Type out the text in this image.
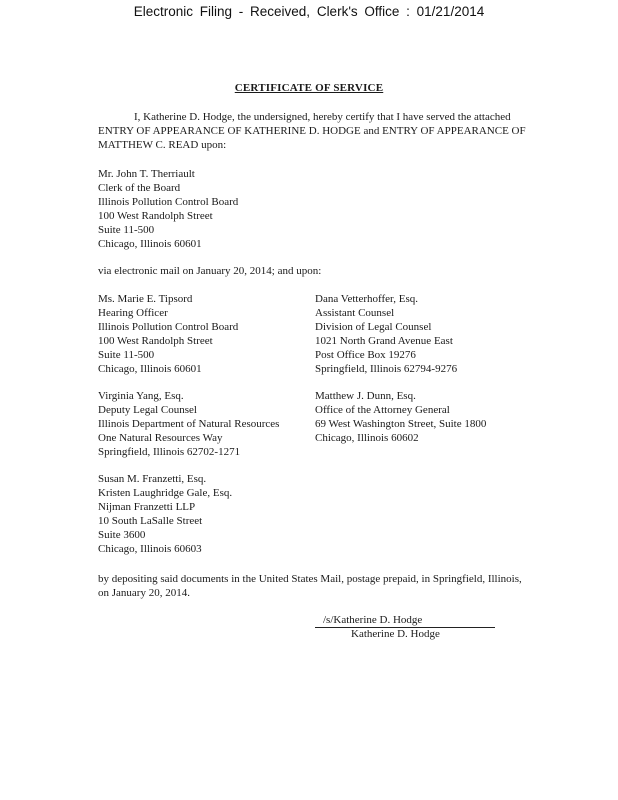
Electronic Filing - Received, Clerk's Office : 01/21/2014
CERTIFICATE OF SERVICE
I, Katherine D. Hodge, the undersigned, hereby certify that I have served the attached ENTRY OF APPEARANCE OF KATHERINE D. HODGE and ENTRY OF APPEARANCE OF MATTHEW C. READ upon:
Mr. John T. Therriault
Clerk of the Board
Illinois Pollution Control Board
100 West Randolph Street
Suite 11-500
Chicago, Illinois 60601
via electronic mail on January 20, 2014; and upon:
Ms. Marie E. Tipsord
Hearing Officer
Illinois Pollution Control Board
100 West Randolph Street
Suite 11-500
Chicago, Illinois 60601
Dana Vetterhoffer, Esq.
Assistant Counsel
Division of Legal Counsel
1021 North Grand Avenue East
Post Office Box 19276
Springfield, Illinois 62794-9276
Virginia Yang, Esq.
Deputy Legal Counsel
Illinois Department of Natural Resources
One Natural Resources Way
Springfield, Illinois 62702-1271
Matthew J. Dunn, Esq.
Office of the Attorney General
69 West Washington Street, Suite 1800
Chicago, Illinois 60602
Susan M. Franzetti, Esq.
Kristen Laughridge Gale, Esq.
Nijman Franzetti LLP
10 South LaSalle Street
Suite 3600
Chicago, Illinois 60603
by depositing said documents in the United States Mail, postage prepaid, in Springfield, Illinois, on January 20, 2014.
/s/Katherine D. Hodge
Katherine D. Hodge
